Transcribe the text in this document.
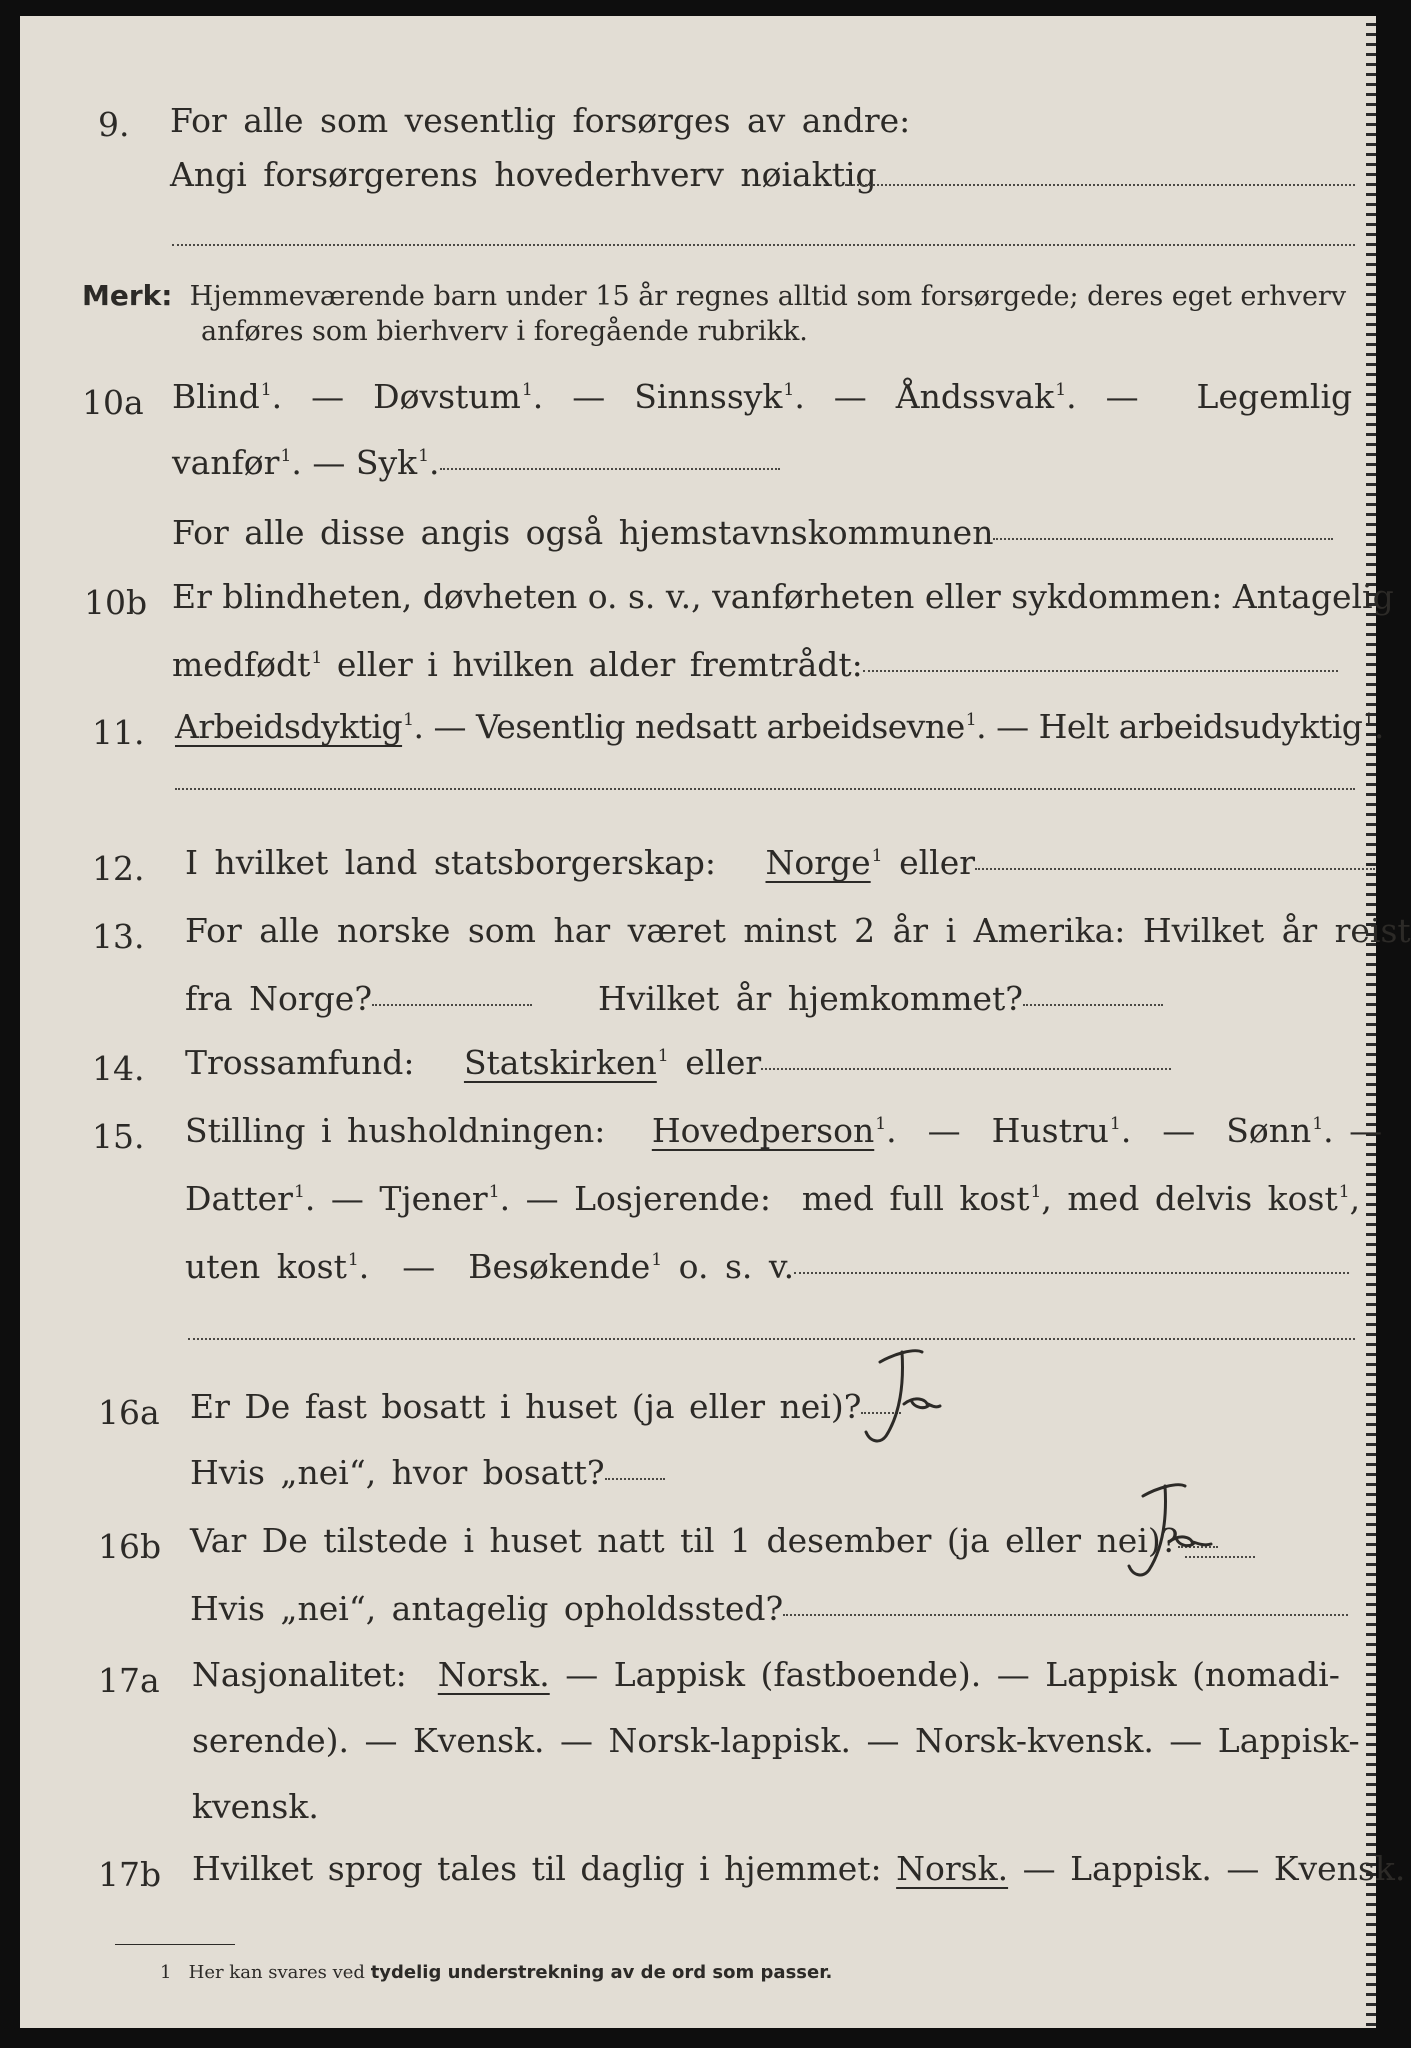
9. For alle som vesentlig forsørges av andre:
Angi forsørgerens hovederhverv nøiaktig
Merk: Hjemmeværende barn under 15 år regnes alltid som forsørgede; deres eget erhverv
anføres som bierhverv i foregående rubrikk.
10a Blind$^1$.  —  Døvstum$^1$.  —  Sinnssyk$^1$.  —  Åndssvak$^1$.  —    Legemlig
vanfør$^1$. — Syk$^1$.
For alle disse angis også hjemstavnskommunen
10b Er blindheten, døvheten o. s. v., vanførheten eller sykdommen: Antagelig
medfødt$^1$ eller i hvilken alder fremtrådt:
11. Arbeidsdyktig$^1$. — Vesentlig nedsatt arbeidsevne$^1$. — Helt arbeidsudyktig$^1$.
12. I hvilket land statsborgerskap: Norge$^1$ eller
13. For alle norske som har været minst 2 år i Amerika: Hvilket år reist
fra Norge?	Hvilket år hjemkommet?
14. Trossamfund: Statskirken$^1$ eller
15. Stilling i husholdningen: Hovedperson$^1$.  —  Hustru$^1$.  —  Sønn$^1$. —
Datter$^1$. — Tjener$^1$. — Losjerende: med full kost$^1$, med delvis kost$^1$,
uten kost$^1$.  —  Besøkende$^1$ o. s. v.
16a Er De fast bosatt i huset (ja eller nei)?
Hvis „nei“, hvor bosatt?
16b Var De tilstede i huset natt til 1 desember (ja eller nei)?
Hvis „nei“, antagelig opholdssted?
17a Nasjonalitet: Norsk. — Lappisk (fastboende). — Lappisk (nomadi-
serende). — Kvensk. — Norsk-lappisk. — Norsk-kvensk. — Lappisk-
kvensk.
17b Hvilket sprog tales til daglig i hjemmet: Norsk. — Lappisk. — Kvensk.
1 Her kan svares ved tydelig understrekning av de ord som passer.
